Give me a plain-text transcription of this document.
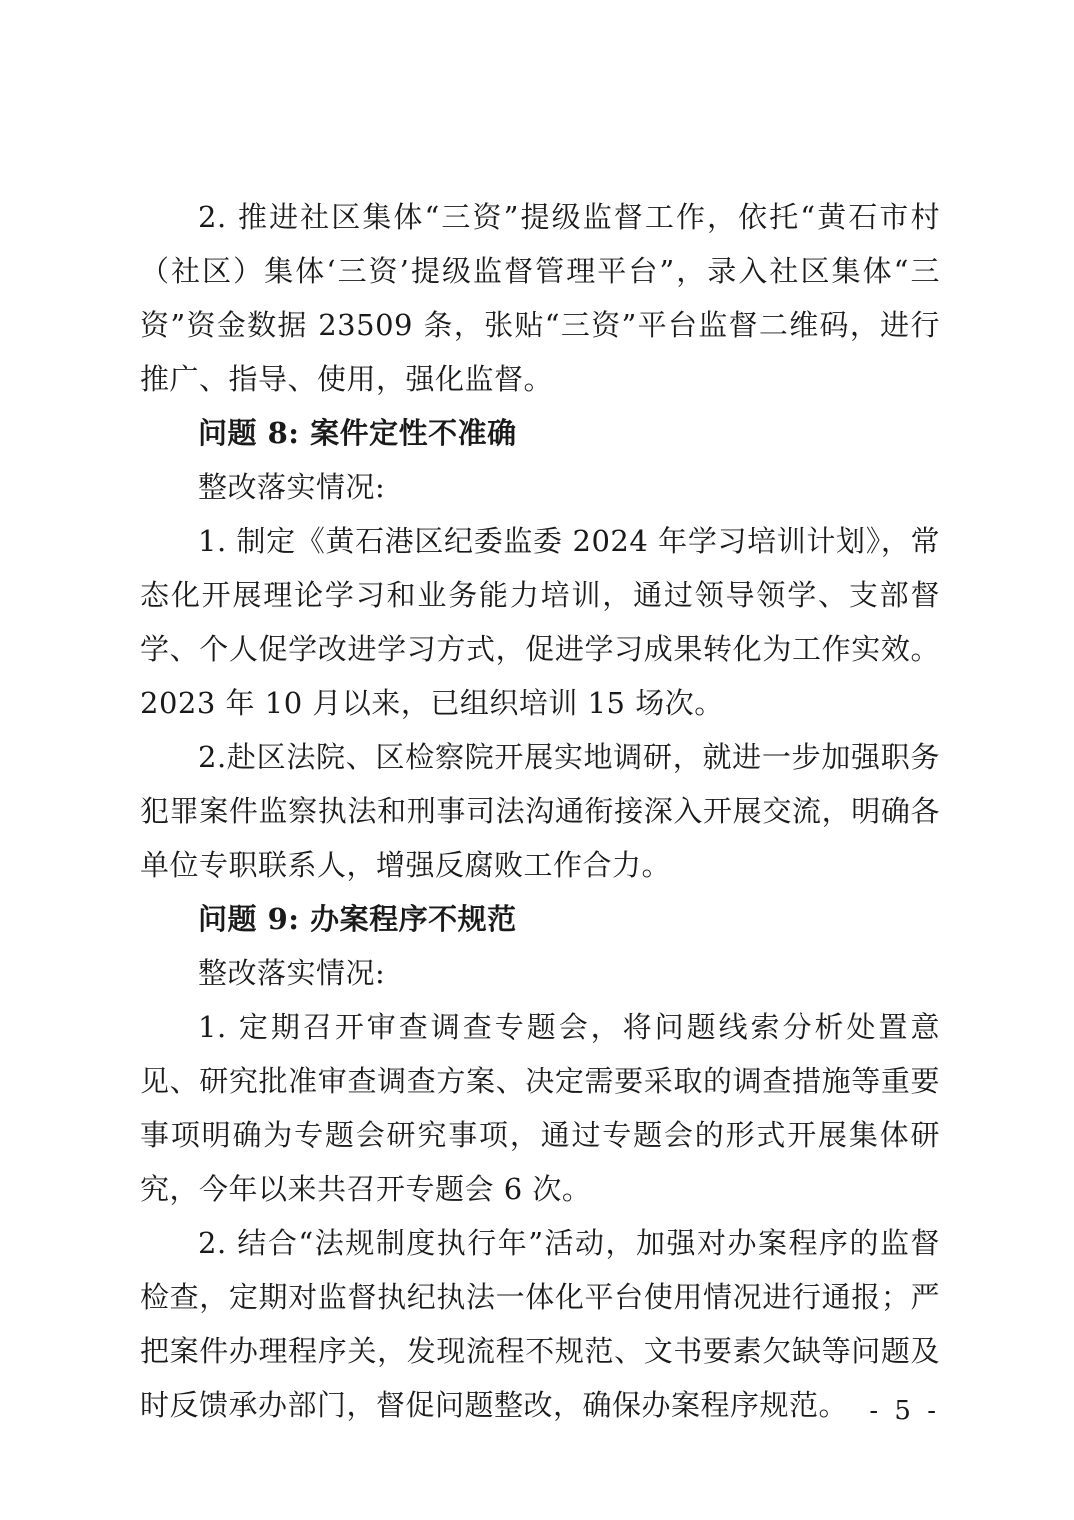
2. 推进社区集体“三资”提级监督工作，依托“黄石市村（社区）集体‘三资’提级监督管理平台”，录入社区集体“三资”资金数据 23509 条，张贴“三资”平台监督二维码，进行推广、指导、使用，强化监督。

问题 8: 案件定性不准确

整改落实情况:

1. 制定《黄石港区纪委监委 2024 年学习培训计划》，常态化开展理论学习和业务能力培训，通过领导领学、支部督学、个人促学改进学习方式，促进学习成果转化为工作实效。2023 年 10 月以来，已组织培训 15 场次。

2.赴区法院、区检察院开展实地调研，就进一步加强职务犯罪案件监察执法和刑事司法沟通衔接深入开展交流，明确各单位专职联系人，增强反腐败工作合力。

问题 9: 办案程序不规范

整改落实情况:

1. 定期召开审查调查专题会，将问题线索分析处置意见、研究批准审查调查方案、决定需要采取的调查措施等重要事项明确为专题会研究事项，通过专题会的形式开展集体研究，今年以来共召开专题会 6 次。

2. 结合“法规制度执行年”活动，加强对办案程序的监督检查，定期对监督执纪执法一体化平台使用情况进行通报；严把案件办理程序关，发现流程不规范、文书要素欠缺等问题及时反馈承办部门，督促问题整改，确保办案程序规范。 - 5 -
